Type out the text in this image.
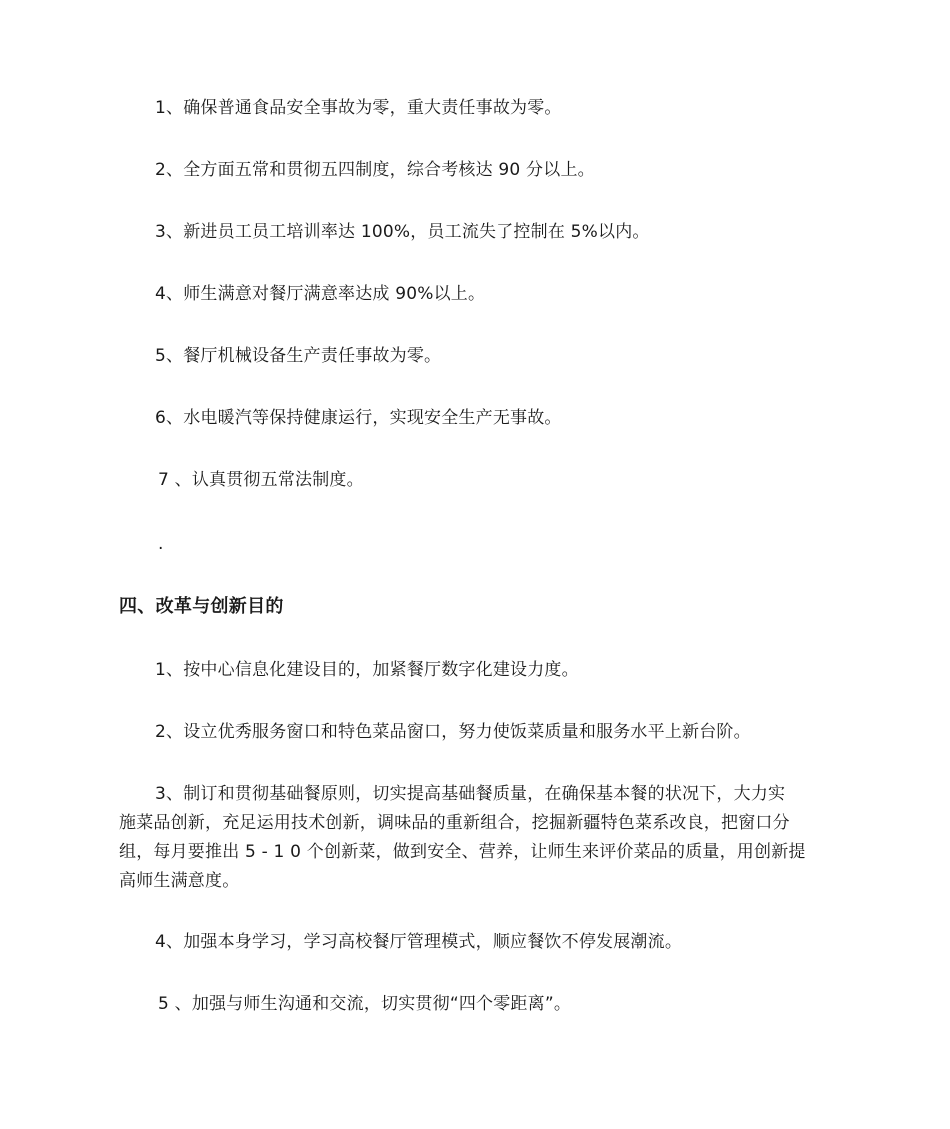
1、确保普通食品安全事故为零，重大责任事故为零。
2、全方面五常和贯彻五四制度，综合考核达 90 分以上。
3、新进员工员工培训率达 100%，员工流失了控制在 5%以内。
4、师生满意对餐厅满意率达成 90%以上。
5、餐厅机械设备生产责任事故为零。
6、水电暖汽等保持健康运行，实现安全生产无事故。
7 、认真贯彻五常法制度。
.
四、改革与创新目的
1、按中心信息化建设目的，加紧餐厅数字化建设力度。
2、设立优秀服务窗口和特色菜品窗口，努力使饭菜质量和服务水平上新台阶。
3、制订和贯彻基础餐原则，切实提高基础餐质量，在确保基本餐的状况下，大力实
施菜品创新，充足运用技术创新，调味品的重新组合，挖掘新疆特色菜系改良，把窗口分
组，每月要推出 5 - 1 0 个创新菜，做到安全、营养，让师生来评价菜品的质量，用创新提
高师生满意度。
4、加强本身学习，学习高校餐厅管理模式，顺应餐饮不停发展潮流。
5 、加强与师生沟通和交流，切实贯彻“四个零距离”。
